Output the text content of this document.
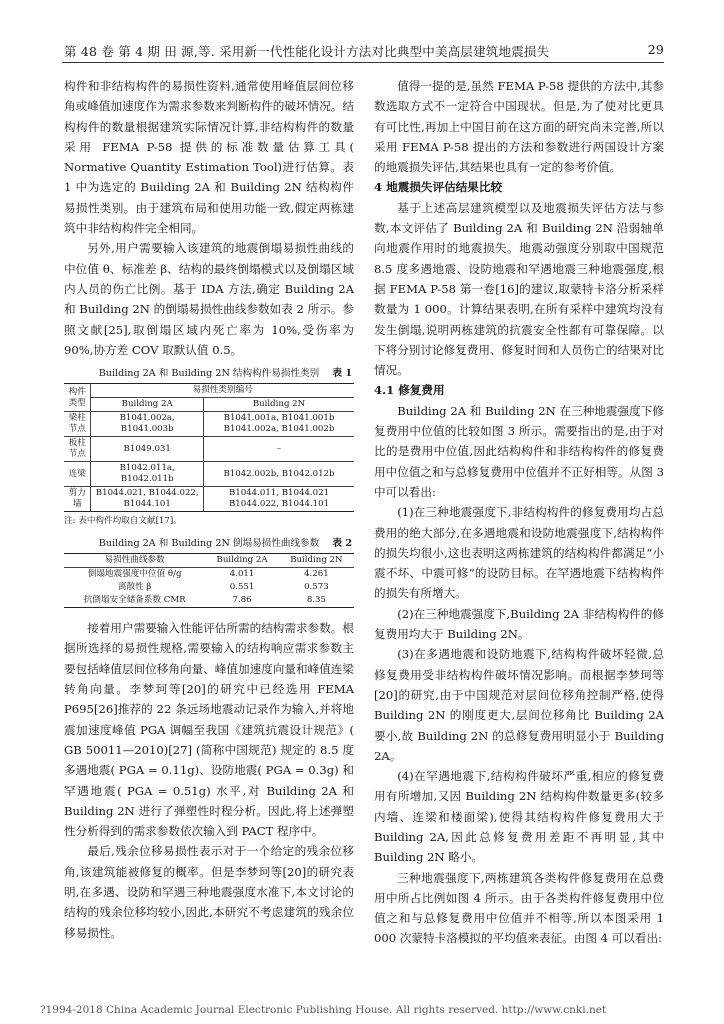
第 48 卷 第 4 期 田 源,等. 采用新一代性能化设计方法对比典型中美高层建筑地震损失	29

构件和非结构构件的易损性资料,通常使用峰值层间位移角或峰值加速度作为需求参数来判断构件的破坏情况。结构构件的数量根据建筑实际情况计算,非结构构件的数量采用 FEMA P-58 提供的标准数量估算工具( Normative Quantity Estimation Tool)进行估算。表 1 中为选定的 Building 2A 和 Building 2N 结构构件易损性类别。由于建筑布局和使用功能一致,假定两栋建筑中非结构构件完全相同。

另外,用户需要输入该建筑的地震倒塌易损性曲线的中位值 θ、标准差 β、结构的最终倒塌模式以及倒塌区域内人员的伤亡比例。基于 IDA 方法,确定 Building 2A 和 Building 2N 的倒塌易损性曲线参数如表 2 所示。参照文献[25],取倒塌区域内死亡率为 10%,受伤率为 90%,协方差 COV 取默认值 0.5。

Building 2A 和 Building 2N 结构构件易损性类别 表 1
构件类型	易损性类别编号	
	Building 2A	Building 2N
梁柱节点	B1041.002a, B1041.003b	B1041.001a, B1041.001b B1041.002a, B1041.002b
板柱节点	B1049.031	–
连梁	B1042.011a, B1042.011b	B1042.002b, B1042.012b
剪力墙	B1044.021, B1044.022, B1044.101	B1044.011, B1044.021 B1044.022, B1044.101
注: 表中构件均取自文献[17]。
Building 2A 和 Building 2N 倒塌易损性曲线参数 表 2
易损性曲线参数	Building 2A	Building 2N
倒塌地震强度中位值 θ/g	4.011	4.261
离散性 β	0.551	0.573
抗倒塌安全储备系数 CMR	7.86	8.35

接着用户需要输入性能评估所需的结构需求参数。根据所选择的易损性规格,需要输入的结构响应需求参数主要包括峰值层间位移角向量、峰值加速度向量和峰值连梁转角向量。李梦珂等[20]的研究中已经选用 FEMA P695[26]推荐的 22 条远场地震动记录作为输入,并将地震加速度峰值 PGA 调幅至我国《建筑抗震设计规范》( GB 50011—2010)[27] (简称中国规范) 规定的 8.5 度多遇地震( PGA = 0.11g)、设防地震( PGA = 0.3g) 和罕遇地震( PGA = 0.51g) 水平,对 Building 2A 和 Building 2N 进行了弹塑性时程分析。因此,将上述弹塑性分析得到的需求参数依次输入到 PACT 程序中。

最后,残余位移易损性表示对于一个给定的残余位移角,该建筑能被修复的概率。但是李梦珂等[20]的研究表明,在多遇、设防和罕遇三种地震强度水准下,本文讨论的结构的残余位移均较小,因此,本研究不考虑建筑的残余位移易损性。

值得一提的是,虽然 FEMA P-58 提供的方法中,其参数选取方式不一定符合中国现状。但是,为了使对比更具有可比性,再加上中国目前在这方面的研究尚未完善,所以采用 FEMA P-58 提出的方法和参数进行两国设计方案的地震损失评估,其结果也具有一定的参考价值。

4 地震损失评估结果比较

基于上述高层建筑模型以及地震损失评估方法与参数,本文评估了 Building 2A 和 Building 2N 沿弱轴单向地震作用时的地震损失。地震动强度分别取中国规范 8.5 度多遇地震、设防地震和罕遇地震三种地震强度,根据 FEMA P-58 第一卷[16]的建议,取蒙特卡洛分析采样数量为 1 000。计算结果表明,在所有采样中建筑均没有发生倒塌,说明两栋建筑的抗震安全性都有可靠保障。以下将分别讨论修复费用、修复时间和人员伤亡的结果对比情况。

4.1 修复费用

Building 2A 和 Building 2N 在三种地震强度下修复费用中位值的比较如图 3 所示。需要指出的是,由于对比的是费用中位值,因此结构构件和非结构构件的修复费用中位值之和与总修复费用中位值并不正好相等。从图 3 中可以看出:

(1)在三种地震强度下,非结构构件的修复费用均占总费用的绝大部分,在多遇地震和设防地震强度下,结构构件的损失均很小,这也表明这两栋建筑的结构构件都满足“小震不坏、中震可修”的设防目标。在罕遇地震下结构构件的损失有所增大。

(2)在三种地震强度下,Building 2A 非结构构件的修复费用均大于 Building 2N。

(3)在多遇地震和设防地震下,结构构件破坏轻微,总修复费用受非结构构件破坏情况影响。而根据李梦珂等[20]的研究,由于中国规范对层间位移角控制严格,使得 Building 2N 的刚度更大,层间位移角比 Building 2A 要小,故 Building 2N 的总修复费用明显小于 Building 2A。

(4)在罕遇地震下,结构构件破坏严重,相应的修复费用有所增加,又因 Building 2N 结构构件数量更多(较多内墙、连梁和楼面梁),使得其结构构件修复费用大于 Building 2A,因此总修复费用差距不再明显,其中 Building 2N 略小。

三种地震强度下,两栋建筑各类构件修复费用在总费用中所占比例如图 4 所示。由于各类构件修复费用中位值之和与总修复费用中位值并不相等,所以本图采用 1 000 次蒙特卡洛模拟的平均值来表征。由图 4 可以看出:

?1994-2018 China Academic Journal Electronic Publishing House. All rights reserved. http://www.cnki.net
